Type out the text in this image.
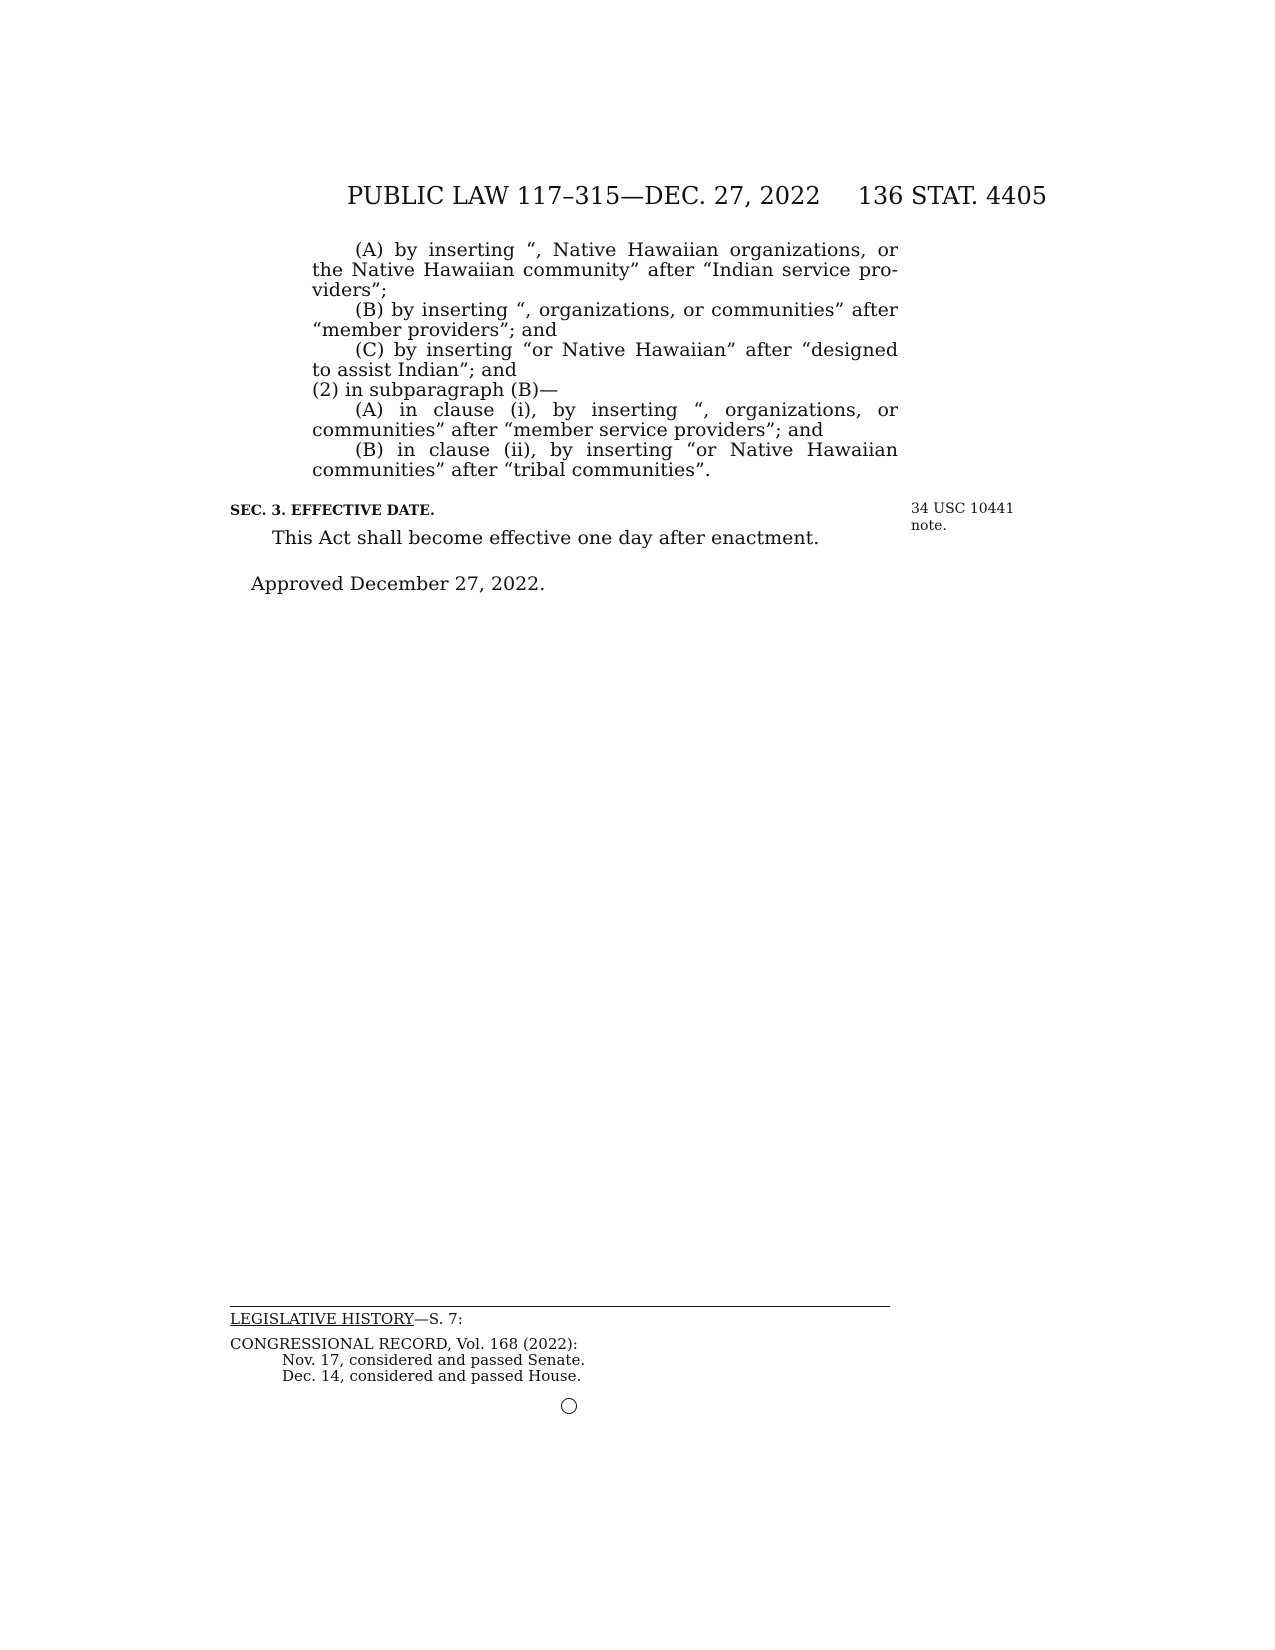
PUBLIC LAW 117–315—DEC. 27, 2022 136 STAT. 4405

(A) by inserting “, Native Hawaiian organizations, or the Native Hawaiian community” after “Indian service pro- viders”;

(B) by inserting “, organizations, or communities” after “member providers”; and

(C) by inserting “or Native Hawaiian” after “designed to assist Indian”; and

(2) in subparagraph (B)—

(A) in clause (i), by inserting “, organizations, or communities” after “member service providers”; and

(B) in clause (ii), by inserting “or Native Hawaiian communities” after “tribal communities”.

SEC. 3. EFFECTIVE DATE.
This Act shall become effective one day after enactment.
34 USC 10441
note.
Approved December 27, 2022.
LEGISLATIVE HISTORY—S. 7:
CONGRESSIONAL RECORD, Vol. 168 (2022):
Nov. 17, considered and passed Senate.
Dec. 14, considered and passed House.
